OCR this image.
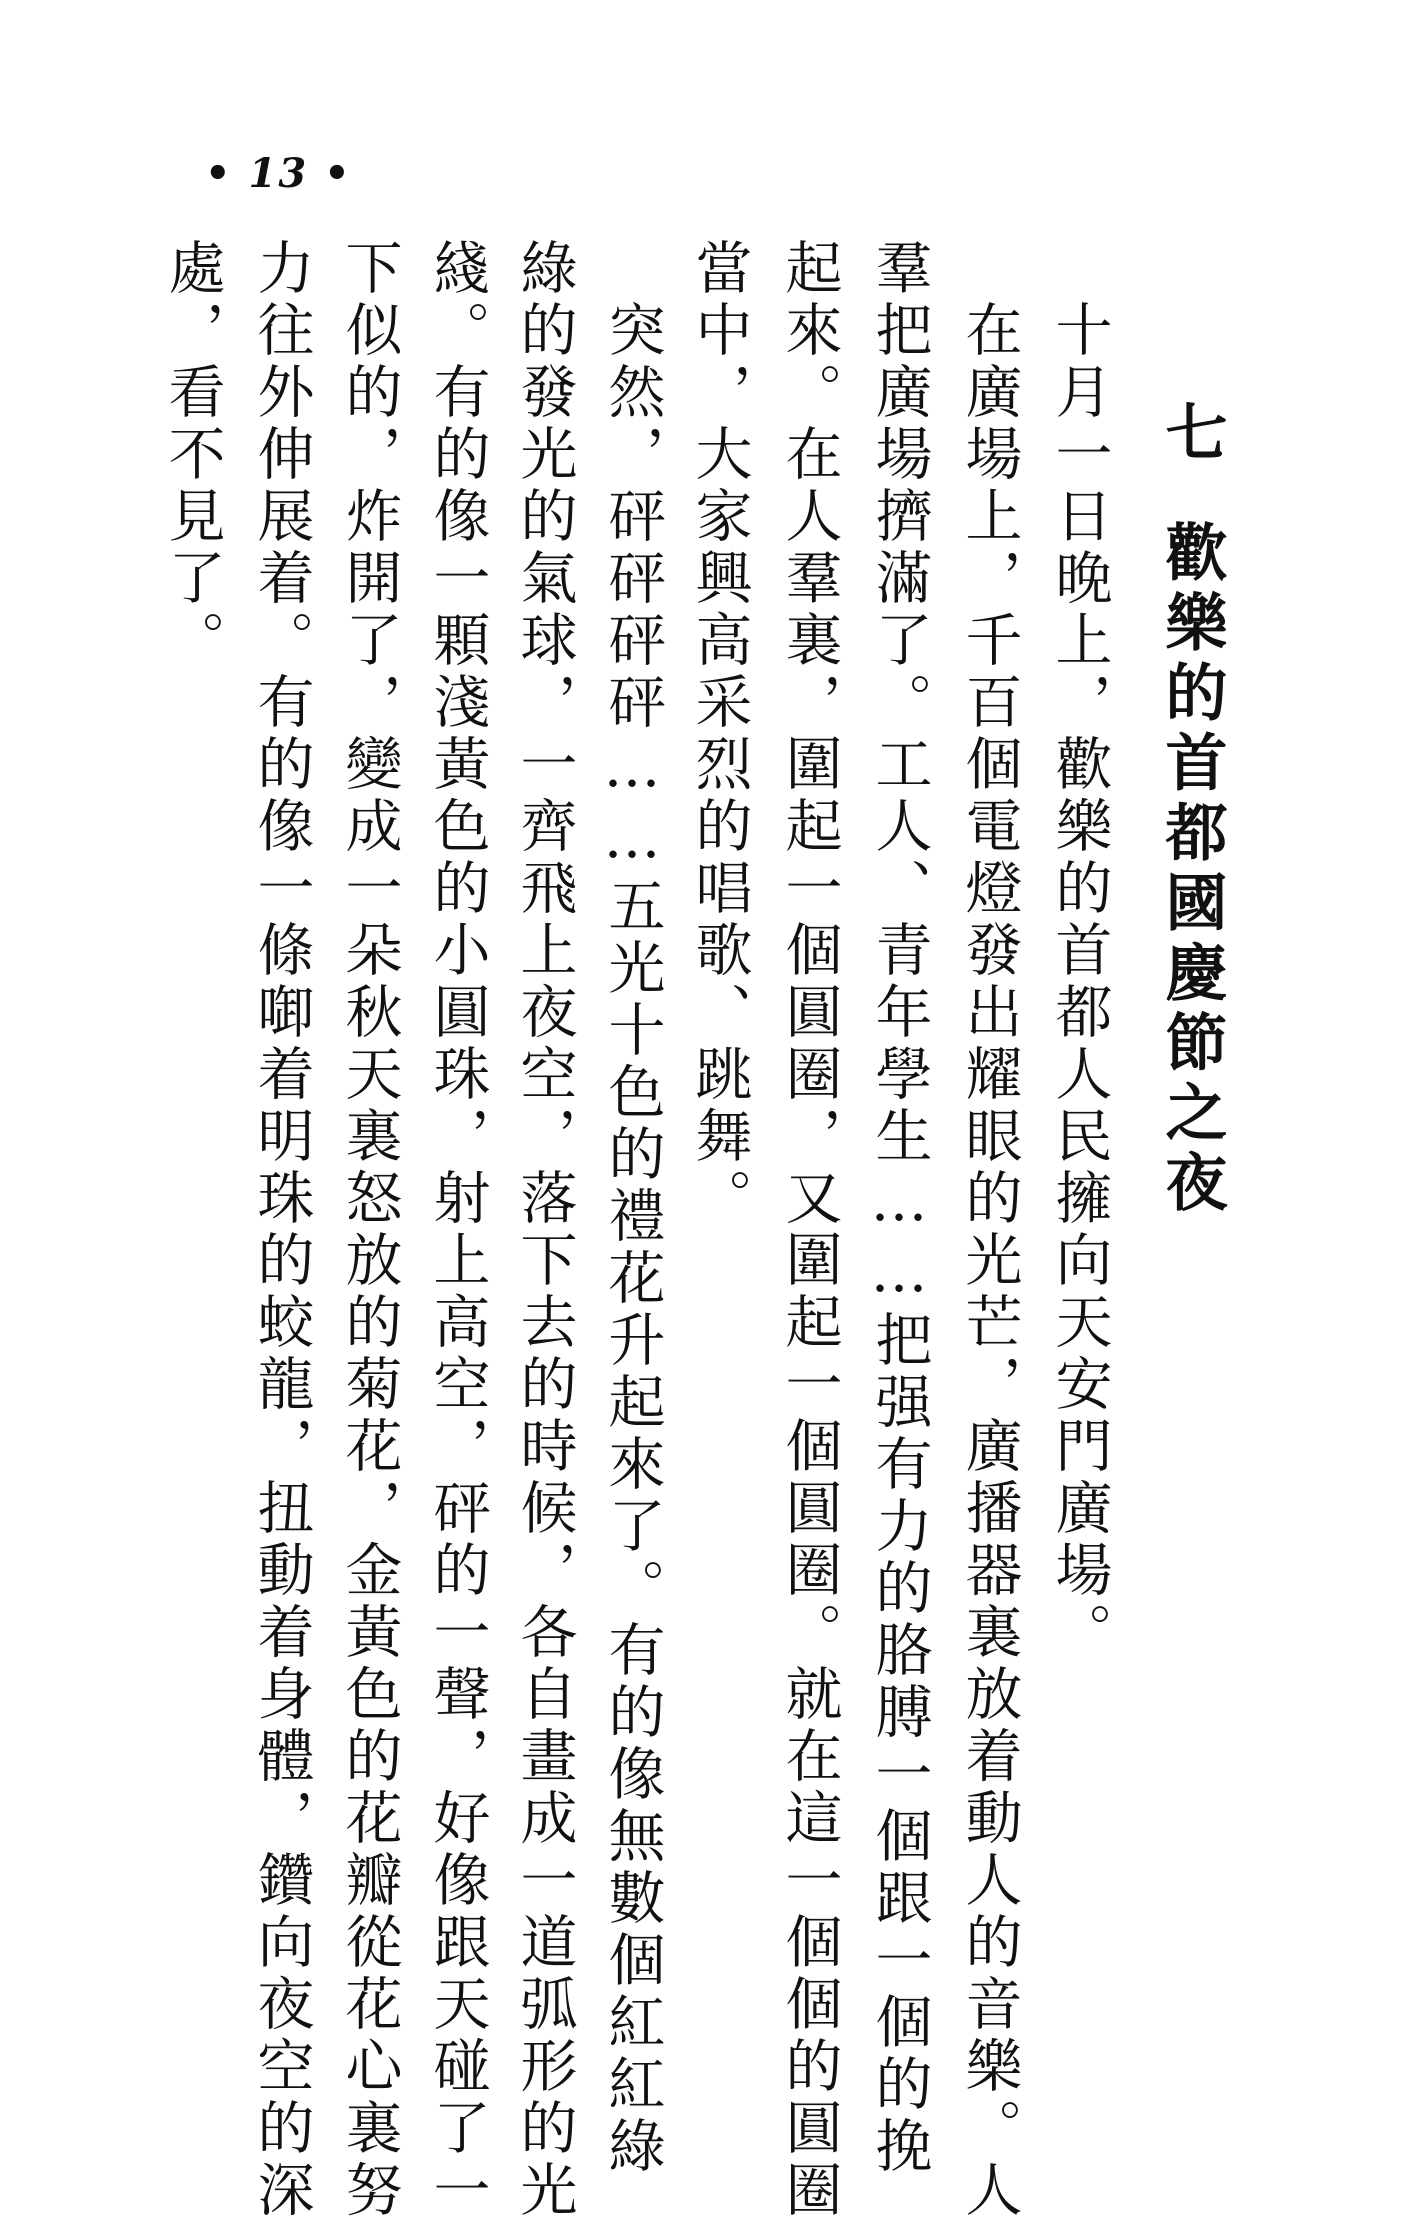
• 13 •
七
歡樂的首都國慶節之夜
十月一日晚上，歡樂的首都人民擁向天安門廣場。
在廣場上，千百個電燈發出耀眼的光芒，廣播器裏放着動人的音樂。人
羣把廣場擠滿了。工人、青年學生……把强有力的胳膊一個跟一個的挽
起來。在人羣裏，圍起一個圓圈，又圍起一個圓圈。就在這一個個的圓圈
當中，大家興高采烈的唱歌、跳舞。
突然，砰砰砰砰……五光十色的禮花升起來了。有的像無數個紅紅綠
綠的發光的氣球，一齊飛上夜空，落下去的時候，各自畫成一道弧形的光
綫。有的像一顆淺黃色的小圓珠，射上高空，砰的一聲，好像跟天碰了一
下似的，炸開了，變成一朵秋天裏怒放的菊花，金黃色的花瓣從花心裏努
力往外伸展着。有的像一條啣着明珠的蛟龍，扭動着身體，鑽向夜空的深
處，看不見了。
